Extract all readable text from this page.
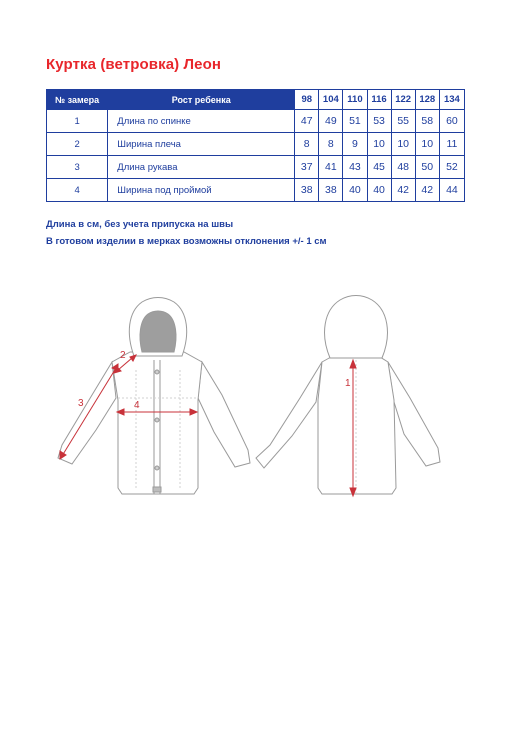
Куртка (ветровка) Леон
№ замера	Рост ребенка	98	104	110	116	122	128	134
1	Длина по спинке	47	49	51	53	55	58	60
2	Ширина плеча	8	8	9	10	10	10	11
3	Длина рукава	37	41	43	45	48	50	52
4	Ширина под проймой	38	38	40	40	42	42	44
Длина в см, без учета припуска на швы
В готовом изделии в мерках возможны отклонения +/- 1 см
1
2
3	4
